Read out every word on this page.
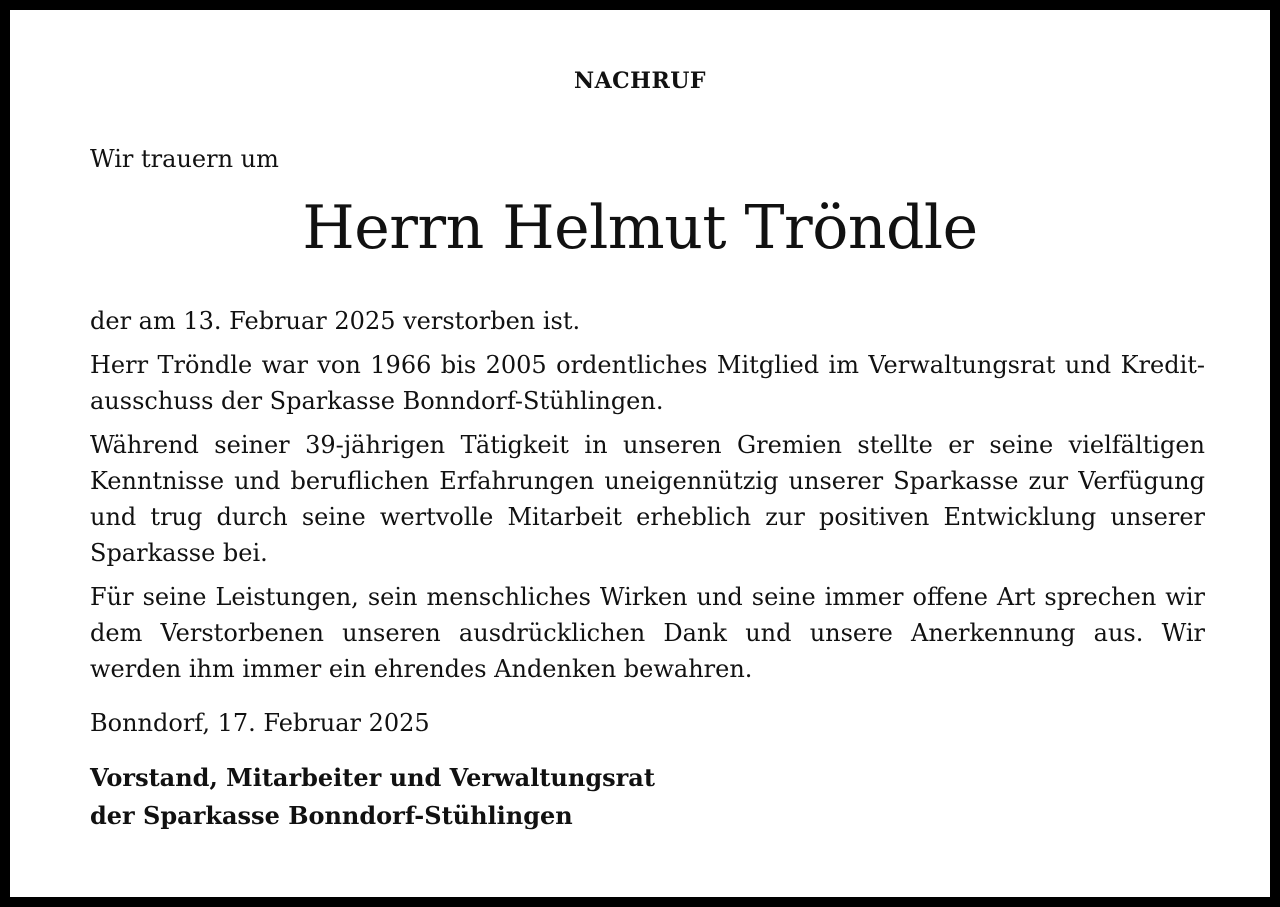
NACHRUF
Wir trauern um
Herrn Helmut Tröndle

der am 13. Februar 2025 verstorben ist.

Herr Tröndle war von 1966 bis 2005 ordentliches Mitglied im Verwaltungsrat und Kreditausschuss der Sparkasse Bonndorf-Stühlingen.

Während seiner 39-jährigen Tätigkeit in unseren Gremien stellte er seine vielfältigen Kenntnisse und beruflichen Erfahrungen uneigennützig unserer Sparkasse zur Verfügung und trug durch seine wertvolle Mitarbeit erheblich zur positiven Entwicklung unserer Sparkasse bei.

Für seine Leistungen, sein menschliches Wirken und seine immer offene Art sprechen wir dem Verstorbenen unseren ausdrücklichen Dank und unsere Anerkennung aus. Wir werden ihm immer ein ehrendes Andenken bewahren.

Bonndorf, 17. Februar 2025

Vorstand, Mitarbeiter und Verwaltungsrat
der Sparkasse Bonndorf-Stühlingen
